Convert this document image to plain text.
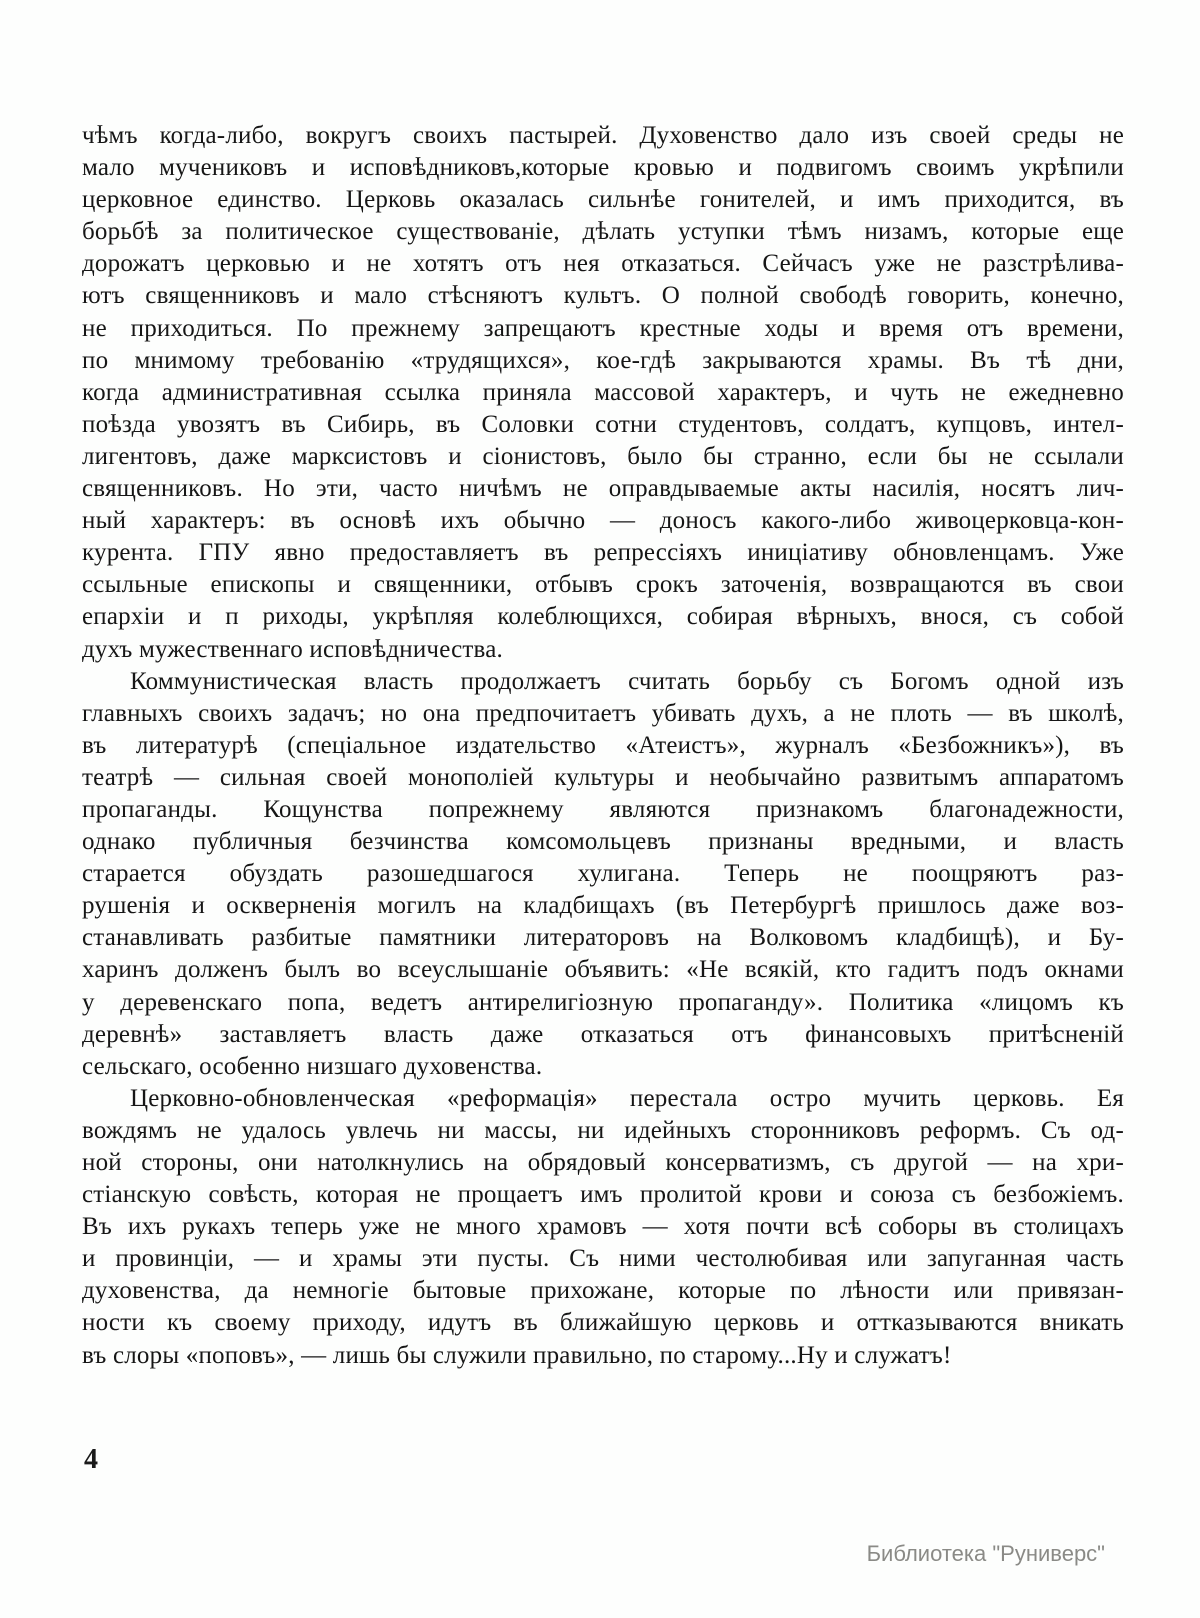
чѣмъ когда-либо, вокругъ своихъ пастырей. Духовенство дало изъ своей среды не
мало мучениковъ и исповѣдниковъ,которые кровью и подвигомъ своимъ укрѣпили
церковное единство. Церковь оказалась сильнѣе гонителей, и имъ приходится, въ
борьбѣ за политическое существованіе, дѣлать уступки тѣмъ низамъ, которые еще
дорожатъ церковью и не хотятъ отъ нея отказаться. Сейчасъ уже не разстрѣлива-
ютъ священниковъ и мало стѣсняютъ культъ. О полной свободѣ говорить, конечно,
не приходиться. По прежнему запрещаютъ крестные ходы и время отъ времени,
по мнимому требованію «трудящихся», кое-гдѣ закрываются храмы. Въ тѣ дни,
когда административная ссылка приняла массовой характеръ, и чуть не ежедневно
поѣзда увозятъ въ Сибирь, въ Соловки сотни студентовъ, солдатъ, купцовъ, интел-
лигентовъ, даже марксистовъ и сіонистовъ, было бы странно, если бы не ссылали
священниковъ. Но эти, часто ничѣмъ не оправдываемые акты насилія, носятъ лич-
ный характеръ: въ основѣ ихъ обычно — доносъ какого-либо живоцерковца-кон-
курента. ГПУ явно предоставляетъ въ репрессіяхъ иниціативу обновленцамъ. Уже
ссыльные епископы и священники, отбывъ срокъ заточенія, возвращаются въ свои
епархіи и п риходы, укрѣпляя колеблющихся, собирая вѣрныхъ, внося, съ собой
духъ мужественнаго исповѣдничества.
Коммунистическая власть продолжаетъ считать борьбу съ Богомъ одной изъ
главныхъ своихъ задачъ; но она предпочитаетъ убивать духъ, а не плоть — въ школѣ,
въ литературѣ (спеціальное издательство «Атеистъ», журналъ «Безбожникъ»), въ
театрѣ — сильная своей монополіей культуры и необычайно развитымъ аппаратомъ
пропаганды. Кощунства попрежнему являются признакомъ благонадежности,
однако публичныя безчинства комсомольцевъ признаны вредными, и власть
старается обуздать разошедшагося хулигана. Теперь не поощряютъ раз-
рушенія и оскверненія могилъ на кладбищахъ (въ Петербургѣ пришлось даже воз-
станавливать разбитые памятники литераторовъ на Волковомъ кладбищѣ), и Бу-
харинъ долженъ былъ во всеуслышаніе объявить: «Не всякій, кто гадитъ подъ окнами
у деревенскаго попа, ведетъ антирелигіозную пропаганду». Политика «лицомъ къ
деревнѣ» заставляетъ власть даже отказаться отъ финансовыхъ притѣсненій
сельскаго, особенно низшаго духовенства.
Церковно-обновленческая «реформація» перестала остро мучить церковь. Ея
вождямъ не удалось увлечь ни массы, ни идейныхъ сторонниковъ реформъ. Съ од-
ной стороны, они натолкнулись на обрядовый консерватизмъ, съ другой — на хри-
стіанскую совѣсть, которая не прощаетъ имъ пролитой крови и союза съ безбожіемъ.
Въ ихъ рукахъ теперь уже не много храмовъ — хотя почти всѣ соборы въ столицахъ
и провинціи, — и храмы эти пусты. Съ ними честолюбивая или запуганная часть
духовенства, да немногіе бытовые прихожане, которые по лѣности или привязан-
ности къ своему приходу, идутъ въ ближайшую церковь и оттказываются вникать
въ слоры «поповъ», — лишь бы служили правильно, по старому...Ну и служатъ!
4
Библиотека "Руниверс"
